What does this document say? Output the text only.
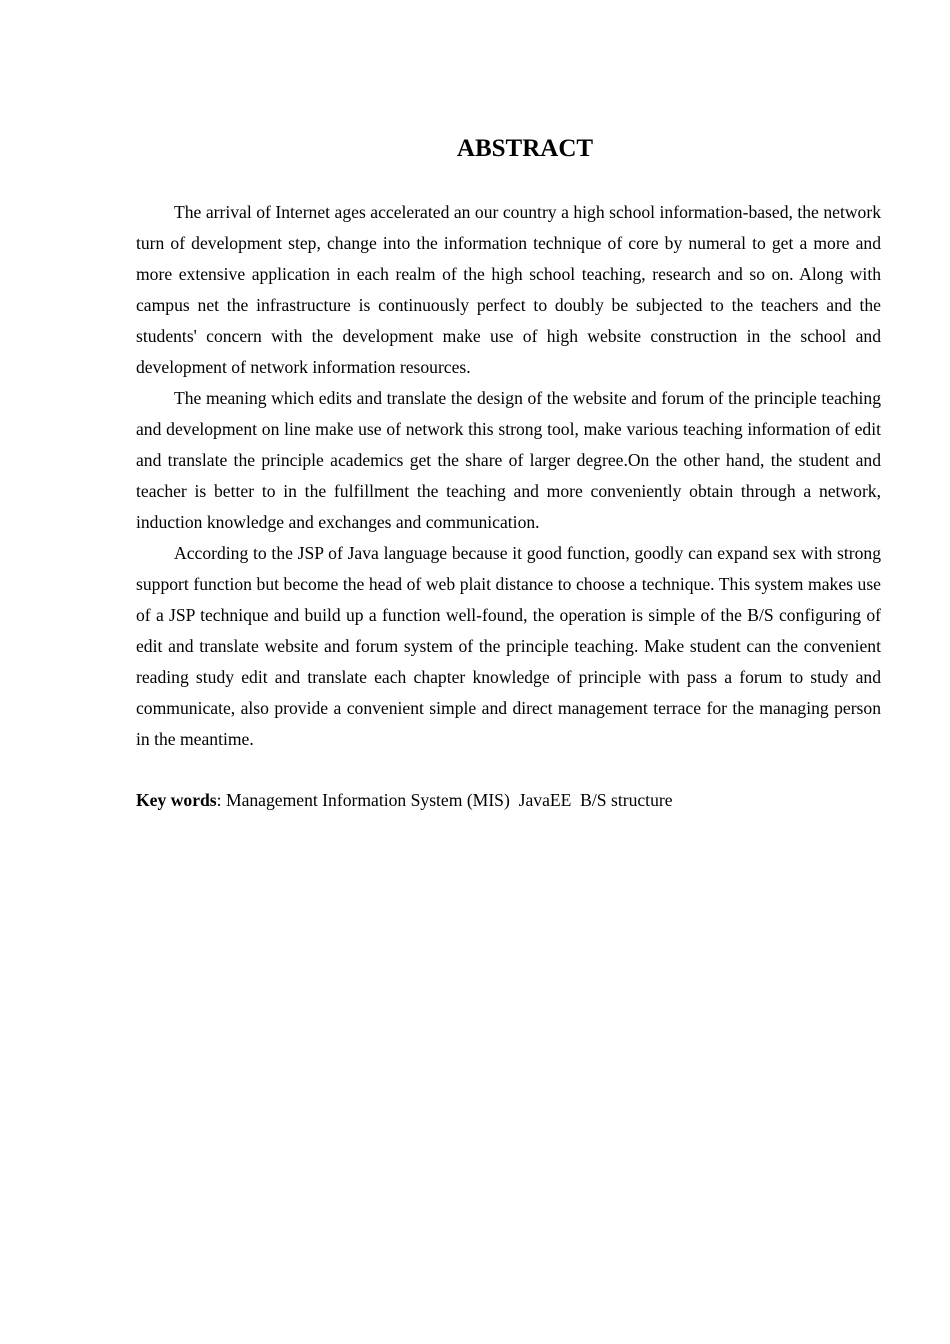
ABSTRACT

The arrival of Internet ages accelerated an our country a high school information-based, the network turn of development step, change into the information technique of core by numeral to get a more and more extensive application in each realm of the high school teaching, research and so on. Along with campus net the infrastructure is continuously perfect to doubly be subjected to the teachers and the students' concern with the development make use of high website construction in the school and development of network information resources.

The meaning which edits and translate the design of the website and forum of the principle teaching and development on line make use of network this strong tool, make various teaching information of edit and translate the principle academics get the share of larger degree.On the other hand, the student and teacher is better to in the fulfillment the teaching and more conveniently obtain through a network, induction knowledge and exchanges and communication.

According to the JSP of Java language because it good function, goodly can expand sex with strong support function but become the head of web plait distance to choose a technique. This system makes use of a JSP technique and build up a function well-found, the operation is simple of the B/S configuring of edit and translate website and forum system of the principle teaching. Make student can the convenient reading study edit and translate each chapter knowledge of principle with pass a forum to study and communicate, also provide a convenient simple and direct management terrace for the managing person in the meantime.

Key words: Management Information System (MIS)  JavaEE  B/S structure
